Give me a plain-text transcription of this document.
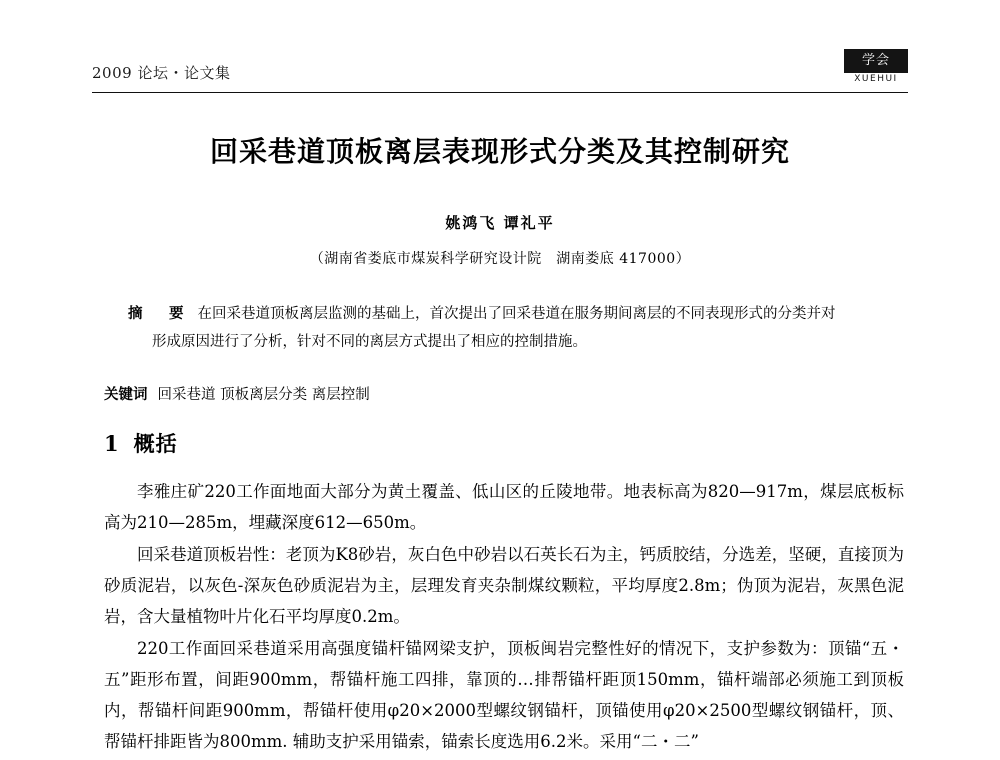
2009 论坛・论文集
学会
XUEHUI
回采巷道顶板离层表现形式分类及其控制研究
姚鸿飞 谭礼平
（湖南省娄底市煤炭科学研究设计院　湖南娄底 417000）
摘　要 在回采巷道顶板离层监测的基础上，首次提出了回采巷道在服务期间离层的不同表现形式的分类并对
形成原因进行了分析，针对不同的离层方式提出了相应的控制措施。
关键词 回采巷道 顶板离层分类 离层控制
1 概括

李雅庄矿220工作面地面大部分为黄土覆盖、低山区的丘陵地带。地表标高为820—917m，煤层底板标高为210—285m，埋藏深度612—650m。

回采巷道顶板岩性：老顶为K8砂岩，灰白色中砂岩以石英长石为主，钙质胶结，分选差，坚硬，直接顶为砂质泥岩，以灰色-深灰色砂质泥岩为主，层理发育夹杂制煤纹颗粒，平均厚度2.8m；伪顶为泥岩，灰黑色泥岩，含大量植物叶片化石平均厚度0.2m。

220工作面回采巷道采用高强度锚杆锚网梁支护，顶板闽岩完整性好的情况下，支护参数为：顶锚“五・五”距形布置，间距900mm，帮锚杆施工四排，靠顶的…排帮锚杆距顶150mm，锚杆端部必须施工到顶板内，帮锚杆间距900mm，帮锚杆使用φ20×2000型螺纹钢锚杆，顶锚使用φ20×2500型螺纹钢锚杆，顶、帮锚杆排距皆为800mm. 辅助支护采用锚索，锚索长度选用6.2米。采用“二・二”
